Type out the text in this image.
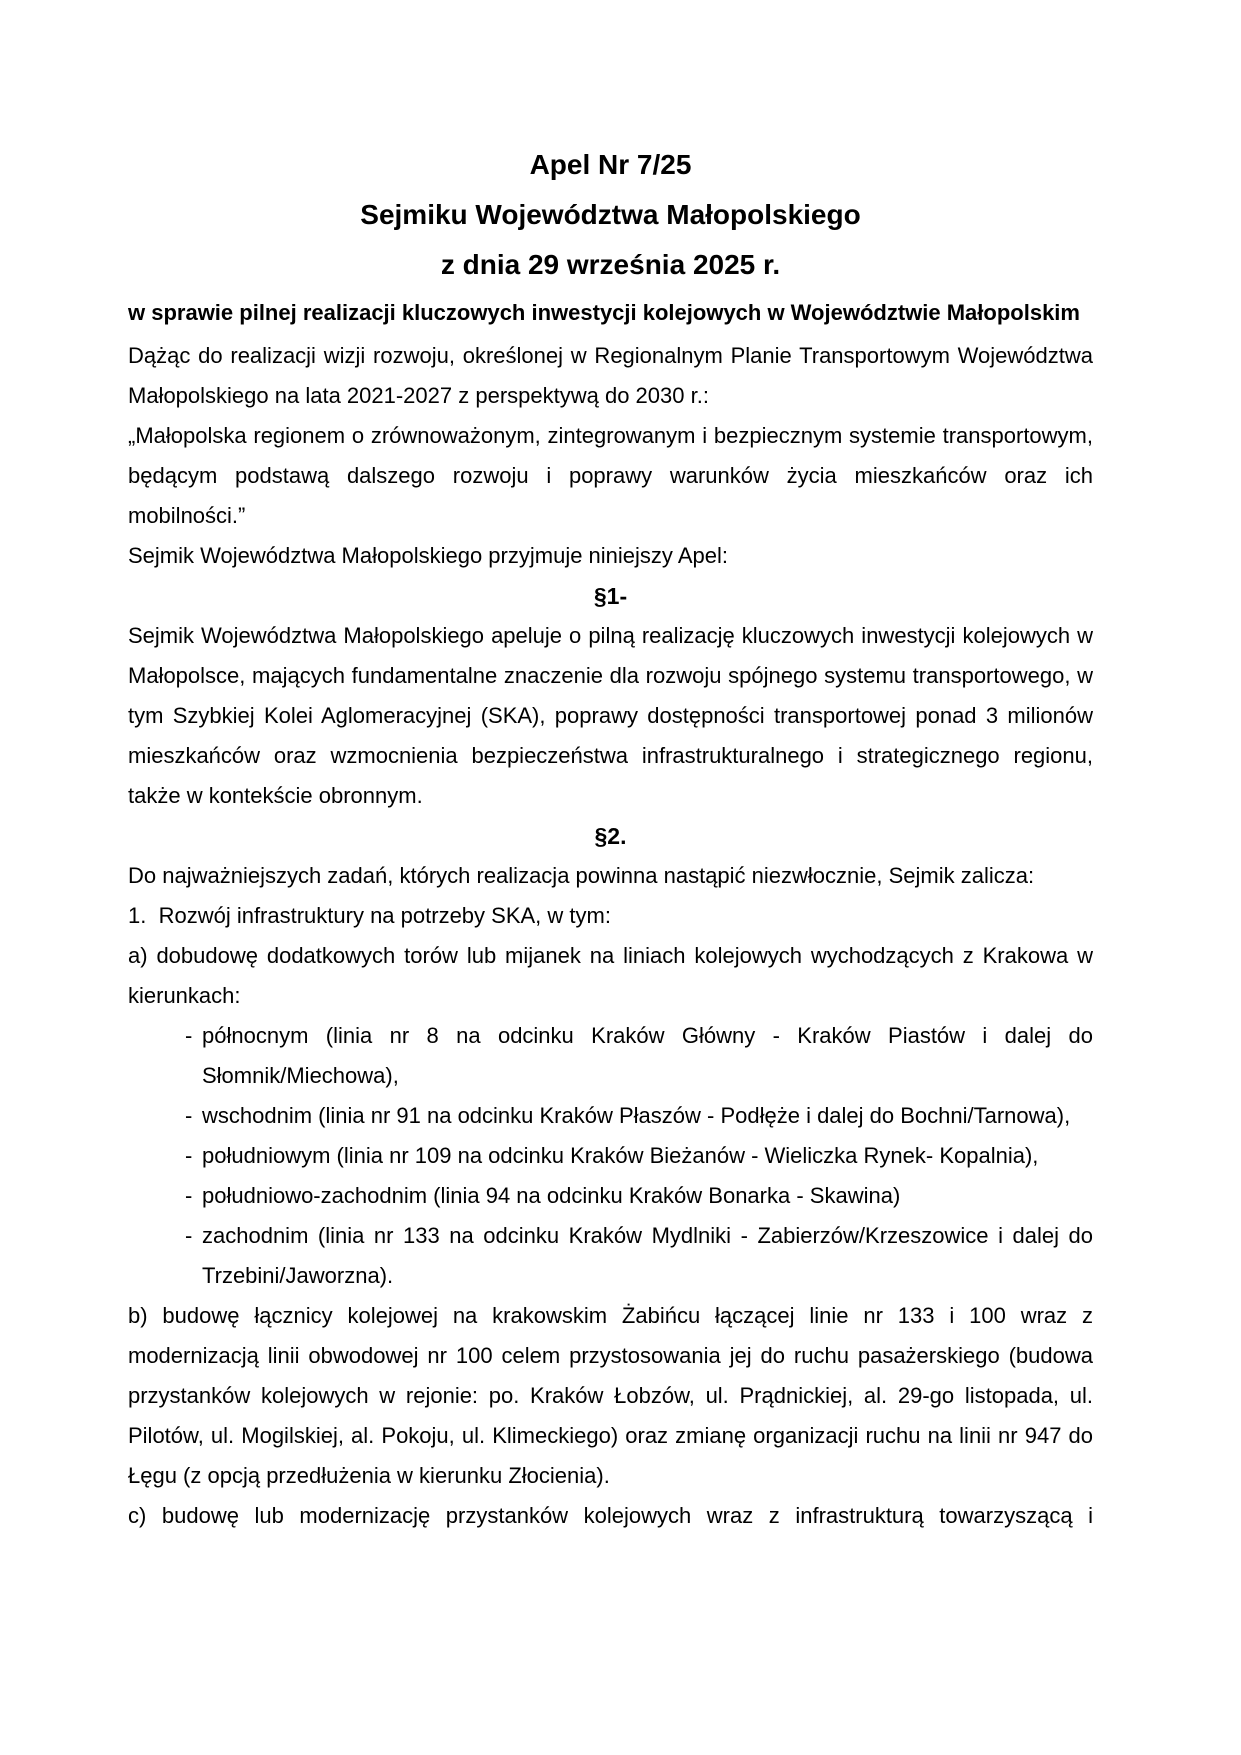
Apel Nr 7/25
Sejmiku Województwa Małopolskiego
z dnia 29 września 2025 r.
w sprawie pilnej realizacji kluczowych inwestycji kolejowych w Województwie Małopolskim
Dążąc do realizacji wizji rozwoju, określonej w Regionalnym Planie Transportowym Województwa Małopolskiego na lata 2021-2027 z perspektywą do 2030 r.:
„Małopolska regionem o zrównoważonym, zintegrowanym i bezpiecznym systemie transportowym, będącym podstawą dalszego rozwoju i poprawy warunków życia mieszkańców oraz ich mobilności.”
Sejmik Województwa Małopolskiego przyjmuje niniejszy Apel:
§1-
Sejmik Województwa Małopolskiego apeluje o pilną realizację kluczowych inwestycji kolejowych w Małopolsce, mających fundamentalne znaczenie dla rozwoju spójnego systemu transportowego, w tym Szybkiej Kolei Aglomeracyjnej (SKA), poprawy dostępności transportowej ponad 3 milionów mieszkańców oraz wzmocnienia bezpieczeństwa infrastrukturalnego i strategicznego regionu, także w kontekście obronnym.
§2.
Do najważniejszych zadań, których realizacja powinna nastąpić niezwłocznie, Sejmik zalicza:
1.  Rozwój infrastruktury na potrzeby SKA, w tym:
a) dobudowę dodatkowych torów lub mijanek na liniach kolejowych wychodzących z Krakowa w kierunkach:
- północnym (linia nr 8 na odcinku Kraków Główny - Kraków Piastów i dalej do Słomnik/Miechowa),
- wschodnim (linia nr 91 na odcinku Kraków Płaszów - Podłęże i dalej do Bochni/Tarnowa),
- południowym (linia nr 109 na odcinku Kraków Bieżanów - Wieliczka Rynek- Kopalnia),
- południowo-zachodnim (linia 94 na odcinku Kraków Bonarka - Skawina)
- zachodnim (linia nr 133 na odcinku Kraków Mydlniki - Zabierzów/Krzeszowice i dalej do Trzebini/Jaworzna).
b) budowę łącznicy kolejowej na krakowskim Żabińcu łączącej linie nr 133 i 100 wraz z modernizacją linii obwodowej nr 100 celem przystosowania jej do ruchu pasażerskiego (budowa przystanków kolejowych w rejonie: po. Kraków Łobzów, ul. Prądnickiej, al. 29-go listopada, ul. Pilotów, ul. Mogilskiej, al. Pokoju, ul. Klimeckiego) oraz zmianę organizacji ruchu na linii nr 947 do Łęgu (z opcją przedłużenia w kierunku Złocienia).
c) budowę lub modernizację przystanków kolejowych wraz z infrastrukturą towarzyszącą i
